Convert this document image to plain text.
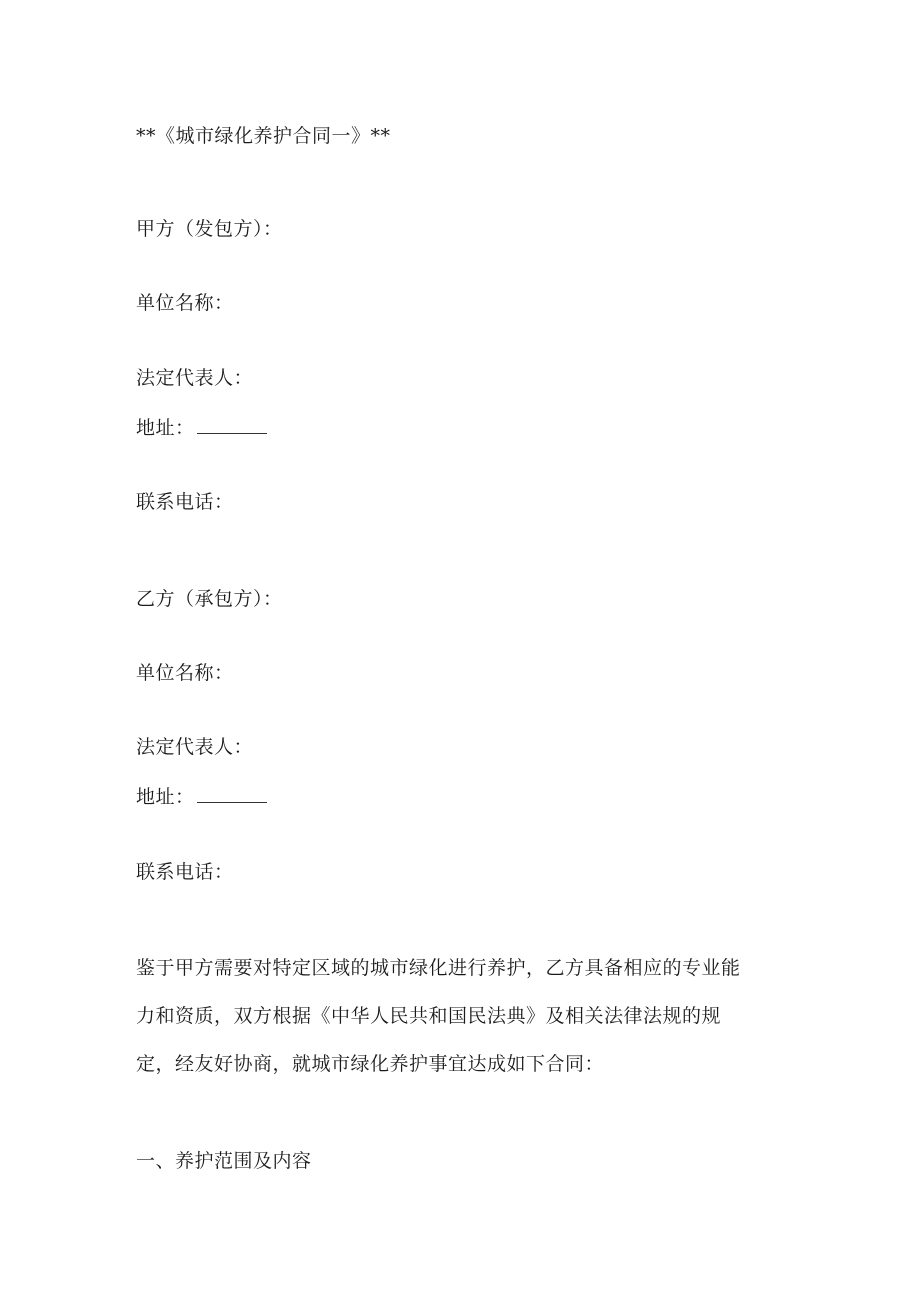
**《城市绿化养护合同一》**
甲方（发包方）：
单位名称：
法定代表人：
地址：
联系电话：
乙方（承包方）：
单位名称：
法定代表人：
地址：
联系电话：
鉴于甲方需要对特定区域的城市绿化进行养护，乙方具备相应的专业能
力和资质，双方根据《中华人民共和国民法典》及相关法律法规的规
定，经友好协商，就城市绿化养护事宜达成如下合同：
一、养护范围及内容
